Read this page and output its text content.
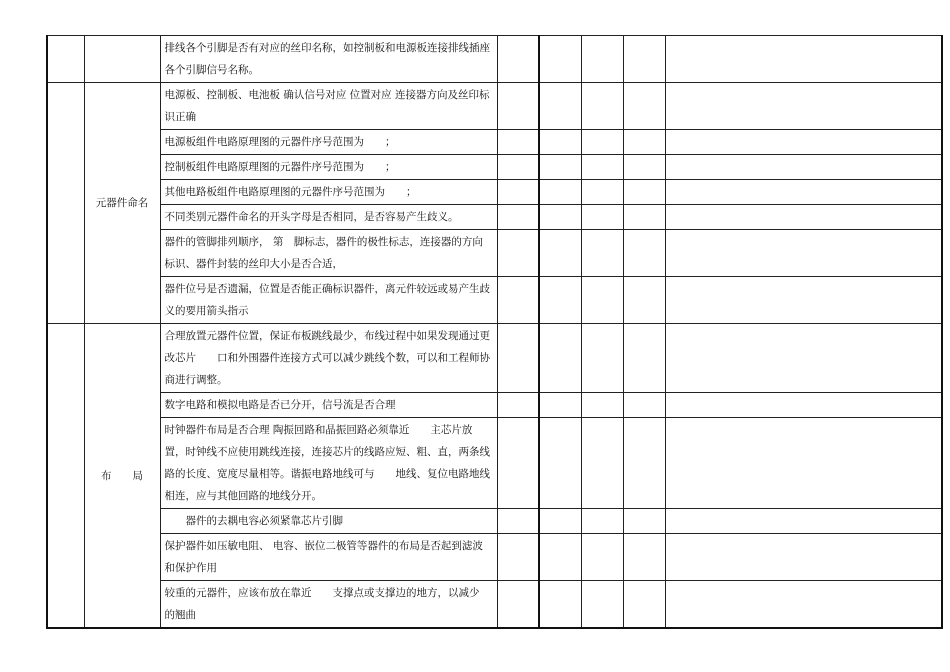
		排线各个引脚是否有对应的丝印名称，如控制板和电源板连接排线插座各个引脚信号名称。					
	元器件命名	电源板、控制板、电池板 确认信号对应 位置对应 连接器方向及丝印标识正确					
		电源板组件电路原理图的元器件序号范围为　　；					
		控制板组件电路原理图的元器件序号范围为　　；					
		其他电路板组件电路原理图的元器件序号范围为　　；					
		不同类别元器件命名的开头字母是否相同，是否容易产生歧义。					
		器件的管脚排列顺序， 第　脚标志，器件的极性标志，连接器的方向标识、器件封装的丝印大小是否合适，					
		器件位号是否遗漏，位置是否能正确标识器件，离元件较远或易产生歧义的要用箭头指示					
	布　　局	合理放置元器件位置，保证布板跳线最少，布线过程中如果发现通过更改芯片　　口和外围器件连接方式可以减少跳线个数，可以和工程师协商进行调整。					
		数字电路和模拟电路是否已分开，信号流是否合理					
		时钟器件布局是否合理 陶振回路和晶振回路必须靠近　　主芯片放置，时钟线不应使用跳线连接，连接芯片的线路应短、粗、直，两条线路的长度、宽度尽量相等。谐振电路地线可与　　地线、复位电路地线相连，应与其他回路的地线分开。					
		　　器件的去耦电容必须紧靠芯片引脚					
		保护器件如压敏电阻、 电容、嵌位二极管等器件的布局是否起到滤波和保护作用					
		较重的元器件，应该布放在靠近　　支撑点或支撑边的地方，以减少　　的翘曲					
